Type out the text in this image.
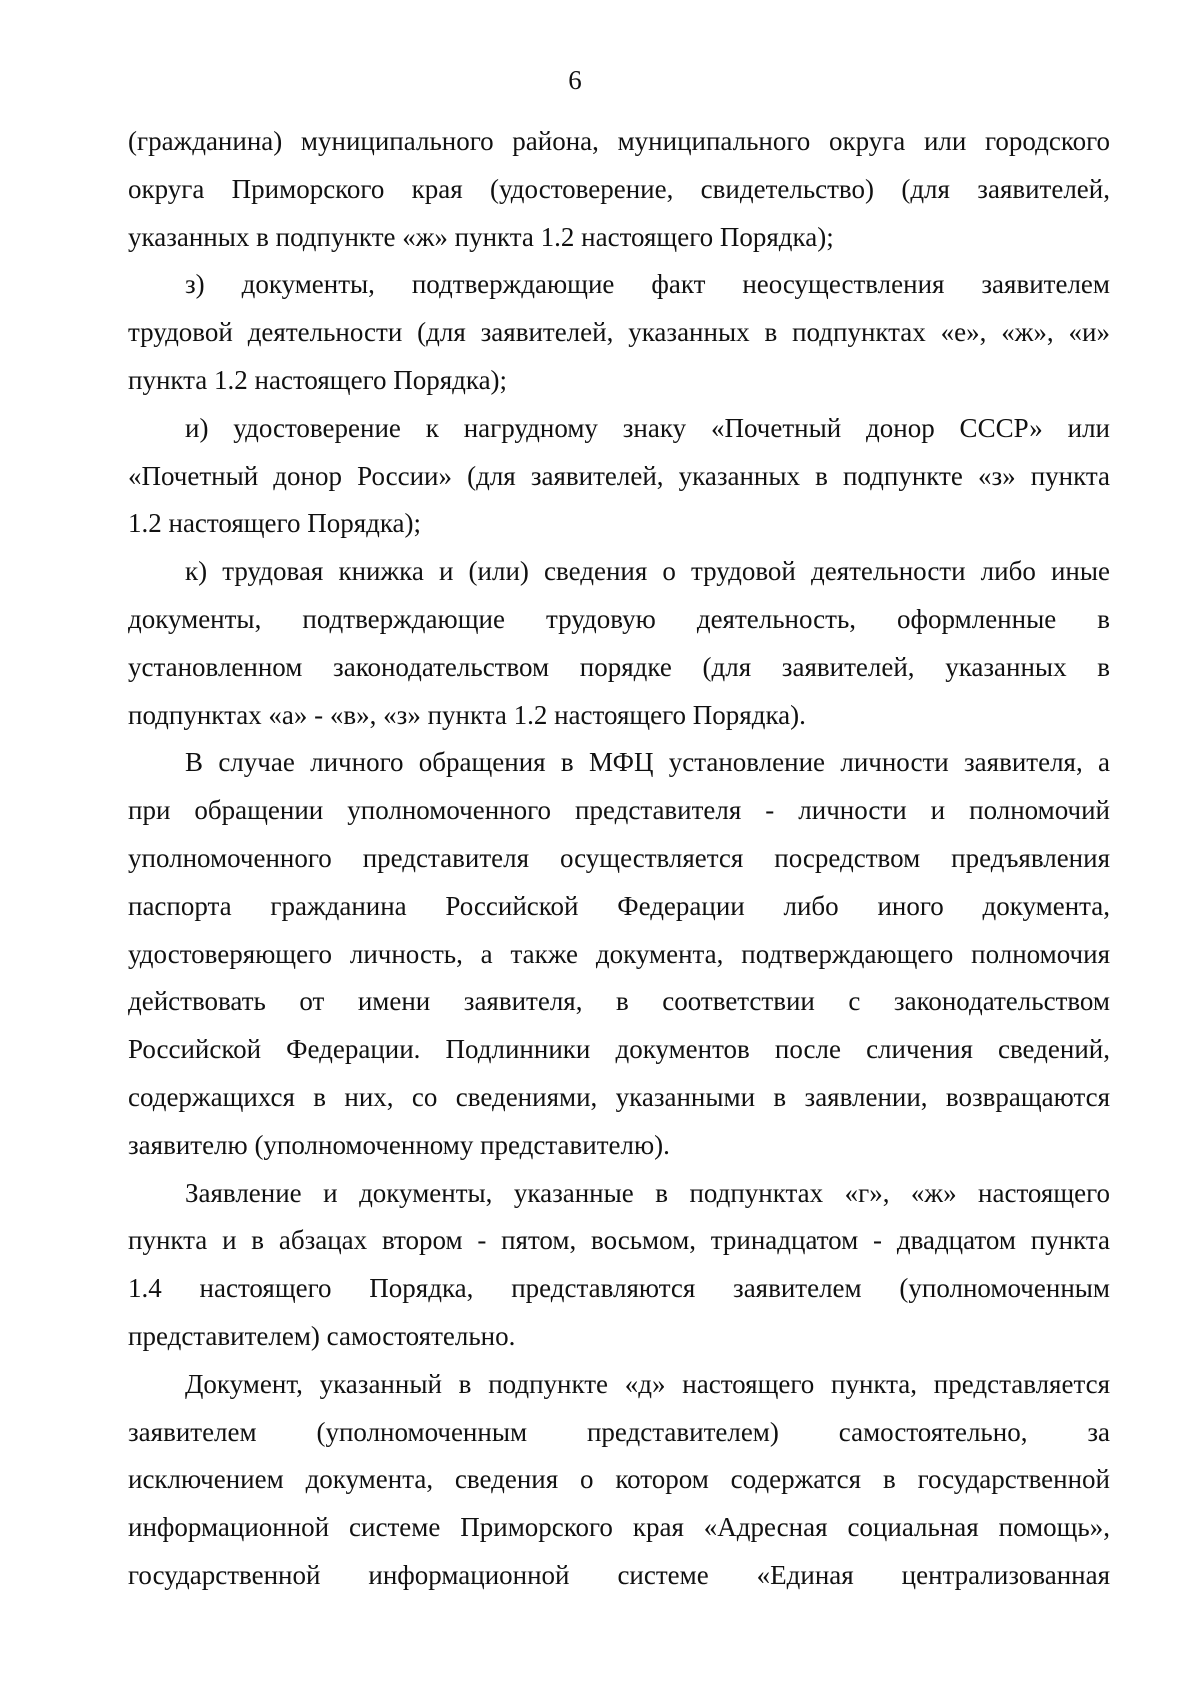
6

(гражданина) муниципального района, муниципального округа или городского
округа Приморского края (удостоверение, свидетельство) (для заявителей,
указанных в подпункте «ж» пункта 1.2 настоящего Порядка);

з) документы, подтверждающие факт неосуществления заявителем
трудовой деятельности (для заявителей, указанных в подпунктах «е», «ж», «и»
пункта 1.2 настоящего Порядка);

и) удостоверение к нагрудному знаку «Почетный донор СССР» или
«Почетный донор России» (для заявителей, указанных в подпункте «з» пункта
1.2 настоящего Порядка);

к) трудовая книжка и (или) сведения о трудовой деятельности либо иные
документы, подтверждающие трудовую деятельность, оформленные в
установленном законодательством порядке (для заявителей, указанных в
подпунктах «а» - «в», «з» пункта 1.2 настоящего Порядка).

В случае личного обращения в МФЦ установление личности заявителя, а
при обращении уполномоченного представителя - личности и полномочий
уполномоченного представителя осуществляется посредством предъявления
паспорта гражданина Российской Федерации либо иного документа,
удостоверяющего личность, а также документа, подтверждающего полномочия
действовать от имени заявителя, в соответствии с законодательством
Российской Федерации. Подлинники документов после сличения сведений,
содержащихся в них, со сведениями, указанными в заявлении, возвращаются
заявителю (уполномоченному представителю).

Заявление и документы, указанные в подпунктах «г», «ж» настоящего
пункта и в абзацах втором - пятом, восьмом, тринадцатом - двадцатом пункта
1.4 настоящего Порядка, представляются заявителем (уполномоченным
представителем) самостоятельно.

Документ, указанный в подпункте «д» настоящего пункта, представляется
заявителем (уполномоченным представителем) самостоятельно, за
исключением документа, сведения о котором содержатся в государственной
информационной системе Приморского края «Адресная социальная помощь»,
государственной информационной системе «Единая централизованная
